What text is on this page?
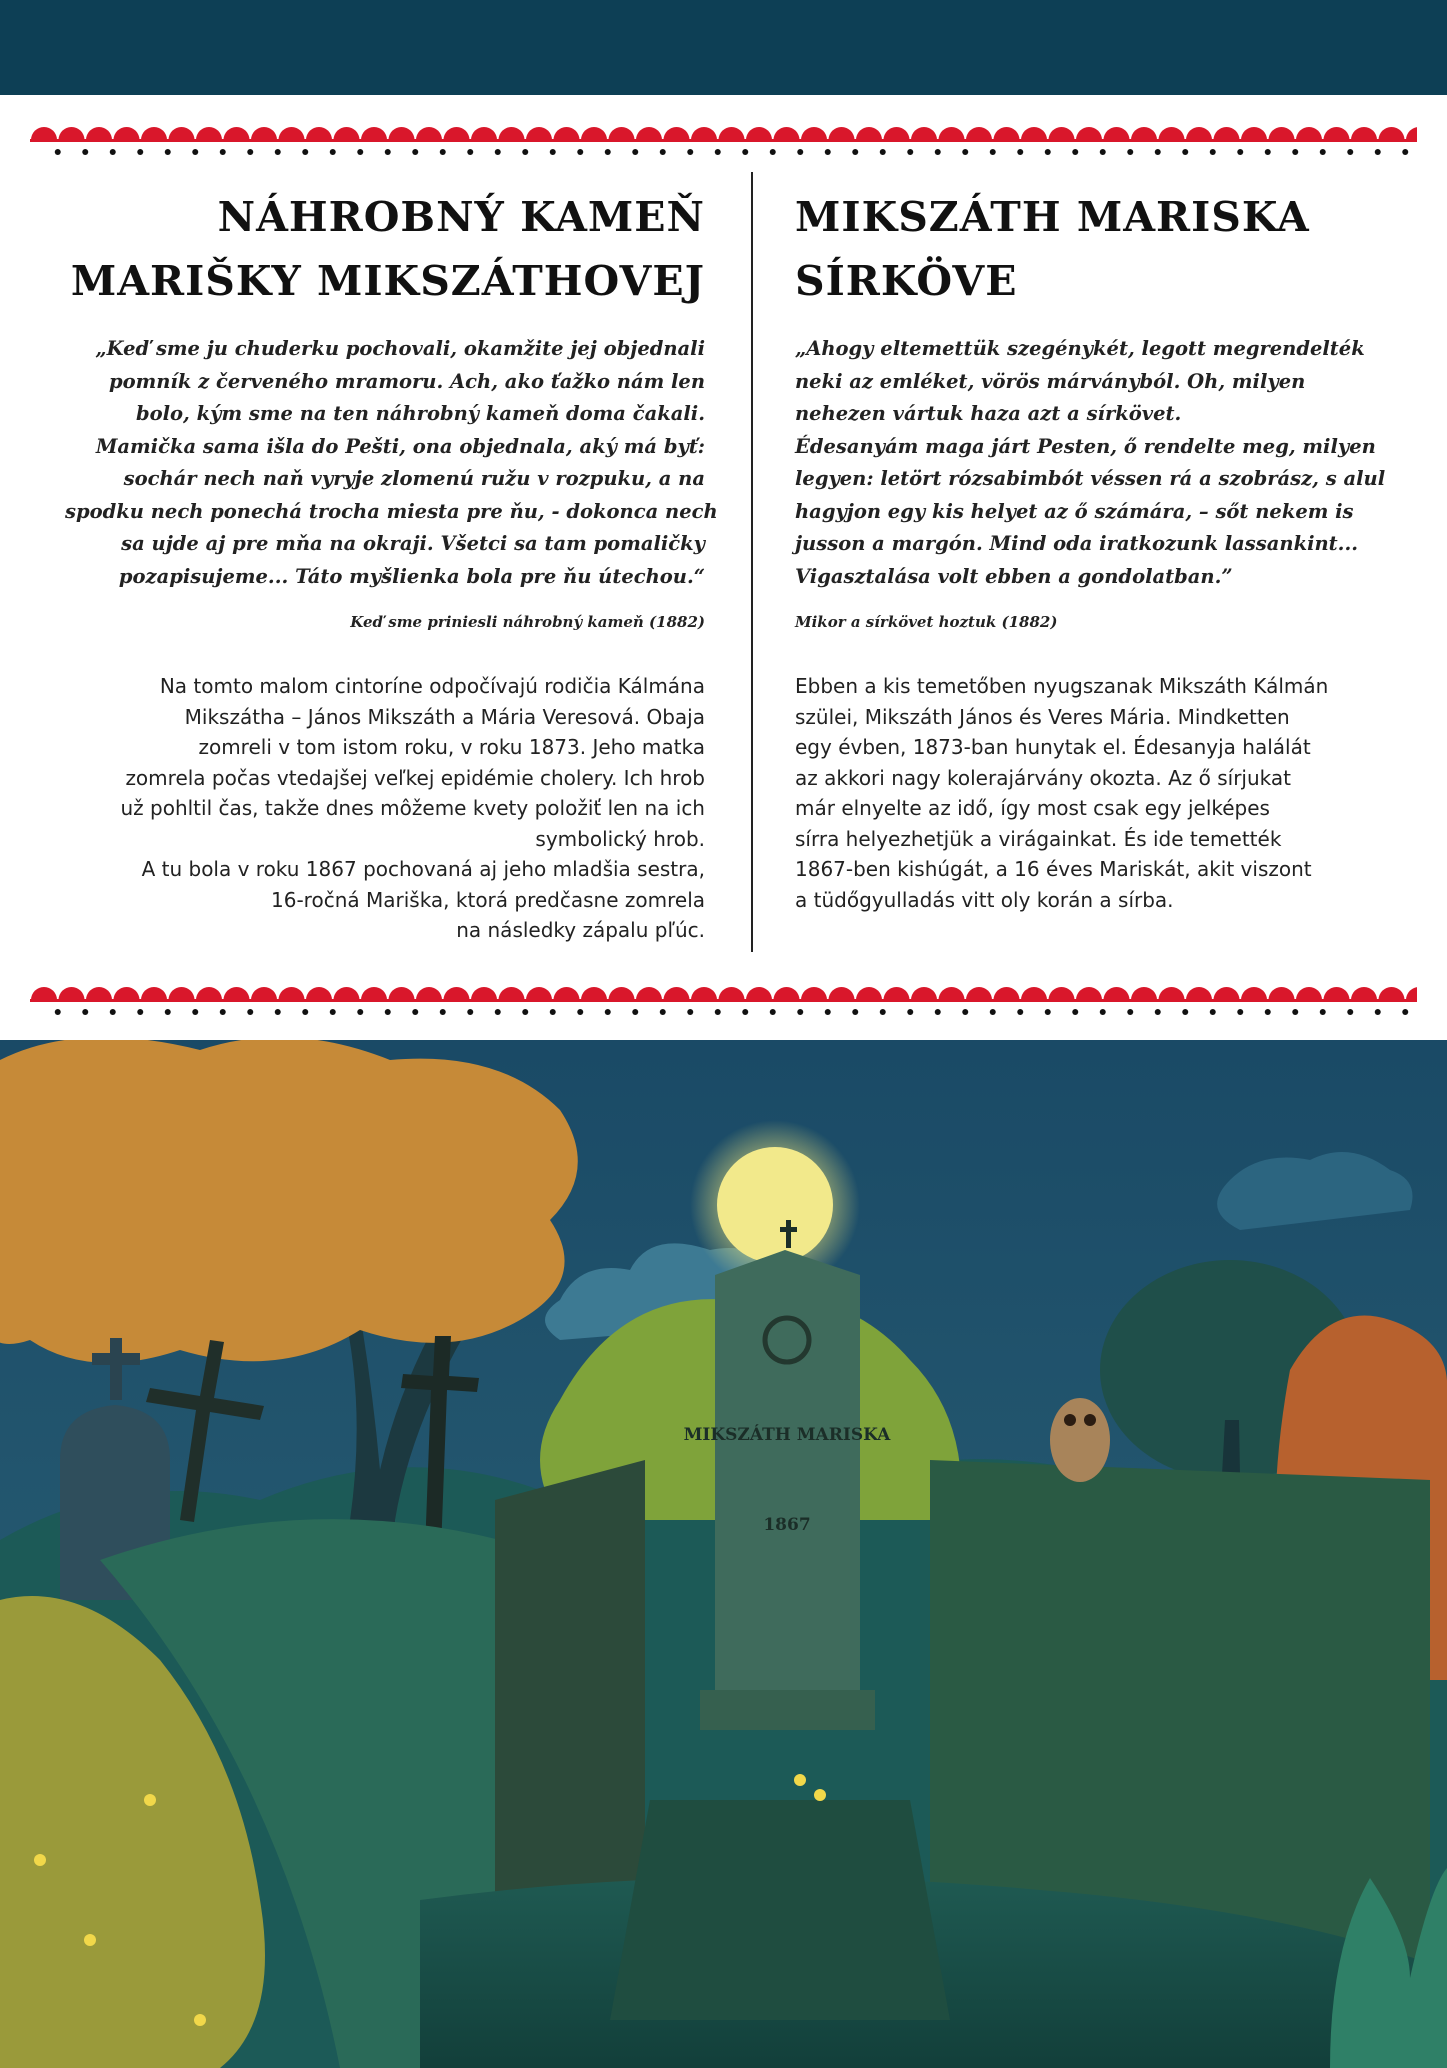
NÁHROBNÝ KAMEŇ
MARIŠKY MIKSZÁTHOVEJ

„Keď sme ju chuderku pochovali, okamžite jej objednali
pomník z červeného mramoru. Ach, ako ťažko nám len
bolo, kým sme na ten náhrobný kameň doma čakali.
Mamička sama išla do Pešti, ona objednala, aký má byť:
sochár nech naň vyryje zlomenú ružu v rozpuku, a na
spodku nech ponechá trocha miesta pre ňu, - dokonca nech
sa ujde aj pre mňa na okraji. Všetci sa tam pomaličky
pozapisujeme... Táto myšlienka bola pre ňu útechou.“

Keď sme priniesli náhrobný kameň (1882)

Na tomto malom cintoríne odpočívajú rodičia Kálmána
Mikszátha – János Mikszáth a Mária Veresová. Obaja
zomreli v tom istom roku, v roku 1873. Jeho matka
zomrela počas vtedajšej veľkej epidémie cholery. Ich hrob
už pohltil čas, takže dnes môžeme kvety položiť len na ich
symbolický hrob.
A tu bola v roku 1867 pochovaná aj jeho mladšia sestra,
16-ročná Mariška, ktorá predčasne zomrela
na následky zápalu pľúc.

MIKSZÁTH MARISKA
SÍRKÖVE

„Ahogy eltemettük szegénykét, legott megrendelték
neki az emléket, vörös márványból. Oh, milyen
nehezen vártuk haza azt a sírkövet.
Édesanyám maga járt Pesten, ő rendelte meg, milyen
legyen: letört rózsabimbót véssen rá a szobrász, s alul
hagyjon egy kis helyet az ő számára, – sőt nekem is
jusson a margón. Mind oda iratkozunk lassankint...
Vigasztalása volt ebben a gondolatban.”

Mikor a sírkövet hoztuk (1882)

Ebben a kis temetőben nyugszanak Mikszáth Kálmán
szülei, Mikszáth János és Veres Mária. Mindketten
egy évben, 1873-ban hunytak el. Édesanyja halálát
az akkori nagy kolerajárvány okozta. Az ő sírjukat
már elnyelte az idő, így most csak egy jelképes
sírra helyezhetjük a virágainkat. És ide temették
1867-ben kishúgát, a 16 éves Mariskát, akit viszont
a tüdőgyulladás vitt oly korán a sírba.

MIKSZÁTH MARISKA
1867
